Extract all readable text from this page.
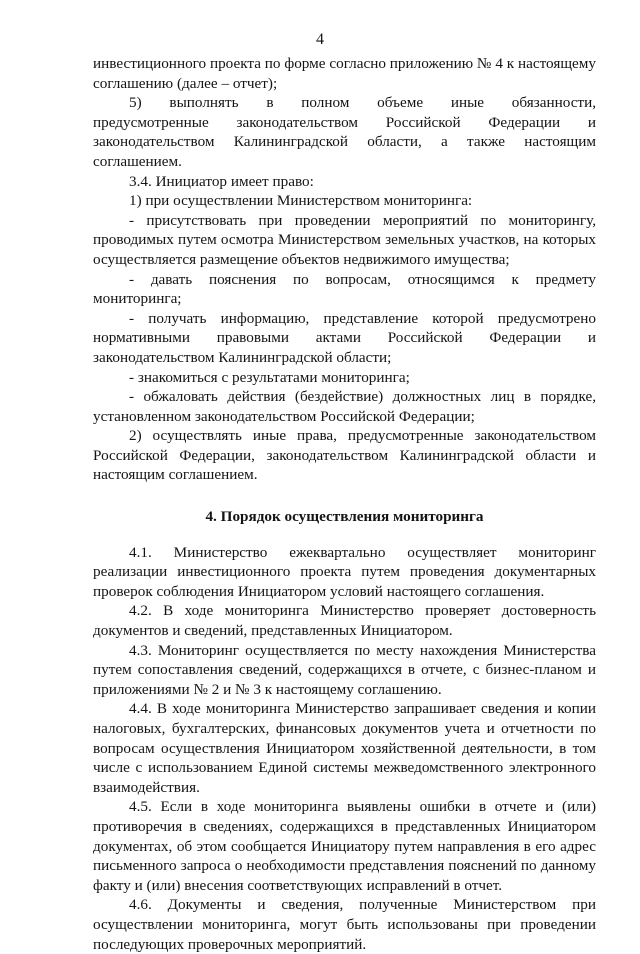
4

инвестиционного проекта по форме согласно приложению № 4 к настоящему соглашению (далее – отчет);

5) выполнять в полном объеме иные обязанности, предусмотренные законодательством Российской Федерации и законодательством Калининградской области, а также настоящим соглашением.

3.4. Инициатор имеет право:

1) при осуществлении Министерством мониторинга:

- присутствовать при проведении мероприятий по мониторингу, проводимых путем осмотра Министерством земельных участков, на которых осуществляется размещение объектов недвижимого имущества;

- давать пояснения по вопросам, относящимся к предмету мониторинга;

- получать информацию, представление которой предусмотрено нормативными правовыми актами Российской Федерации и законодательством Калининградской области;

- знакомиться с результатами мониторинга;

- обжаловать действия (бездействие) должностных лиц в порядке, установленном законодательством Российской Федерации;

2) осуществлять иные права, предусмотренные законодательством Российской Федерации, законодательством Калининградской области и настоящим соглашением.

4. Порядок осуществления мониторинга

4.1. Министерство ежеквартально осуществляет мониторинг реализации инвестиционного проекта путем проведения документарных проверок соблюдения Инициатором условий настоящего соглашения.

4.2. В ходе мониторинга Министерство проверяет достоверность документов и сведений, представленных Инициатором.

4.3. Мониторинг осуществляется по месту нахождения Министерства путем сопоставления сведений, содержащихся в отчете, с бизнес-планом и приложениями № 2 и № 3 к настоящему соглашению.

4.4. В ходе мониторинга Министерство запрашивает сведения и копии налоговых, бухгалтерских, финансовых документов учета и отчетности по вопросам осуществления Инициатором хозяйственной деятельности, в том числе с использованием Единой системы межведомственного электронного взаимодействия.

4.5. Если в ходе мониторинга выявлены ошибки в отчете и (или) противоречия в сведениях, содержащихся в представленных Инициатором документах, об этом сообщается Инициатору путем направления в его адрес письменного запроса о необходимости представления пояснений по данному факту и (или) внесения соответствующих исправлений в отчет.

4.6. Документы и сведения, полученные Министерством при осуществлении мониторинга, могут быть использованы при проведении последующих проверочных мероприятий.
